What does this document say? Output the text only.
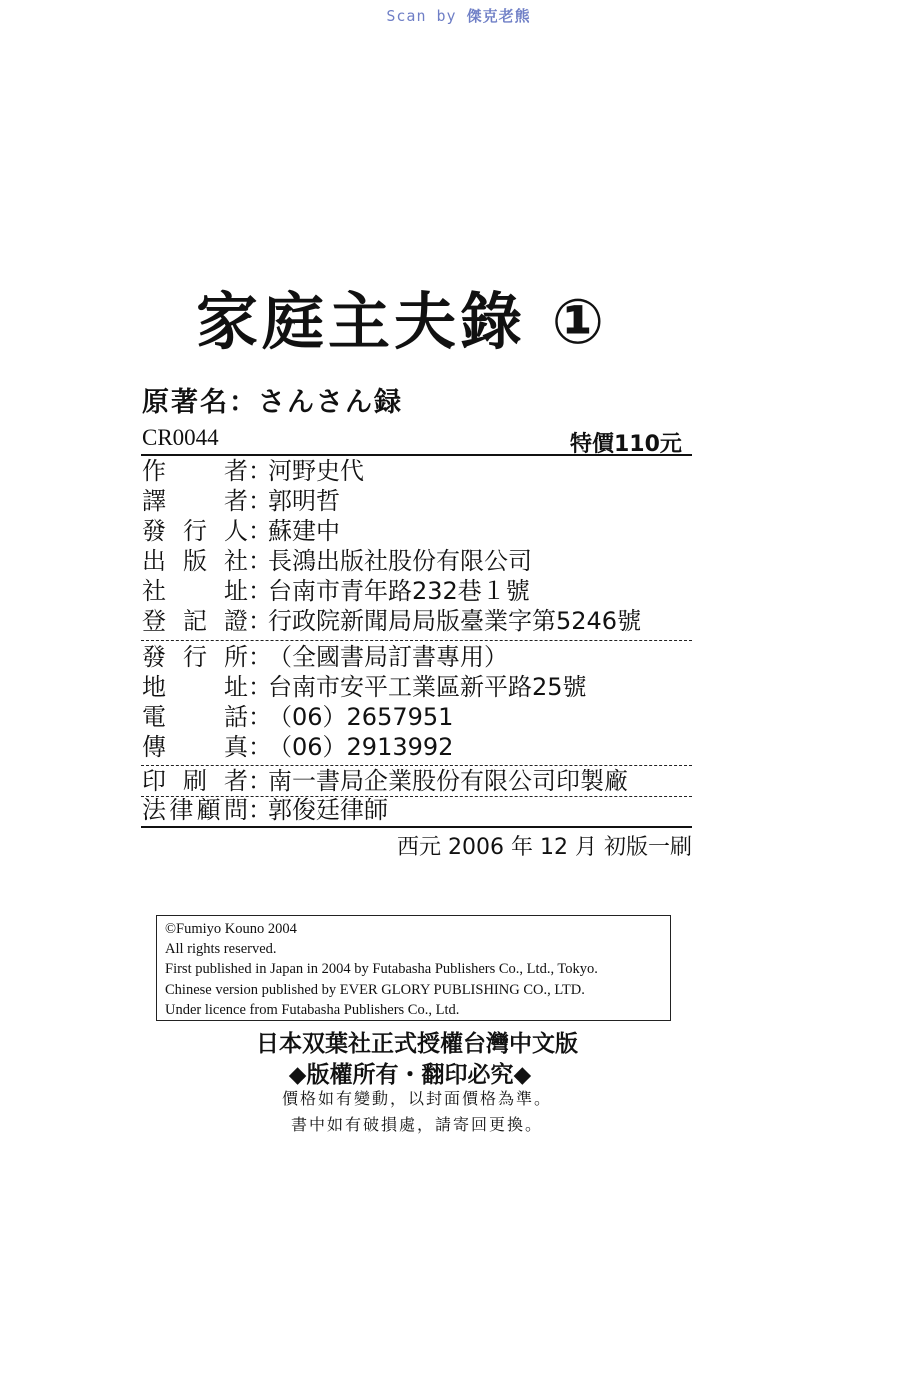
Scan by 傑克老熊
家庭主夫錄 ①
原著名：さんさん録
CR0044	特價110元
作 者 ：
河野史代
譯 者 ：
郭明哲
發 行 人 ：
蘇建中
出 版 社 ：
長鴻出版社股份有限公司
社 址 ：
台南市青年路232巷１號
登 記 證 ：
行政院新聞局局版臺業字第5246號
發 行 所 ：
（全國書局訂書專用）
地 址 ：
台南市安平工業區新平路25號
電 話 ：
（06）2657951
傳 真 ：
（06）2913992
印 刷 者 ：
南一書局企業股份有限公司印製廠
法 律 顧 問 ：
郭俊廷律師
西元 2006 年 12 月 初版一刷
©Fumiyo Kouno 2004
All rights reserved.
First published in Japan in 2004 by Futabasha Publishers Co., Ltd., Tokyo.
Chinese version published by EVER GLORY PUBLISHING CO., LTD.
Under licence from Futabasha Publishers Co., Ltd.
日本双葉社正式授權台灣中文版
◆版權所有・翻印必究◆
價格如有變動，以封面價格為準。
書中如有破損處，請寄回更換。
